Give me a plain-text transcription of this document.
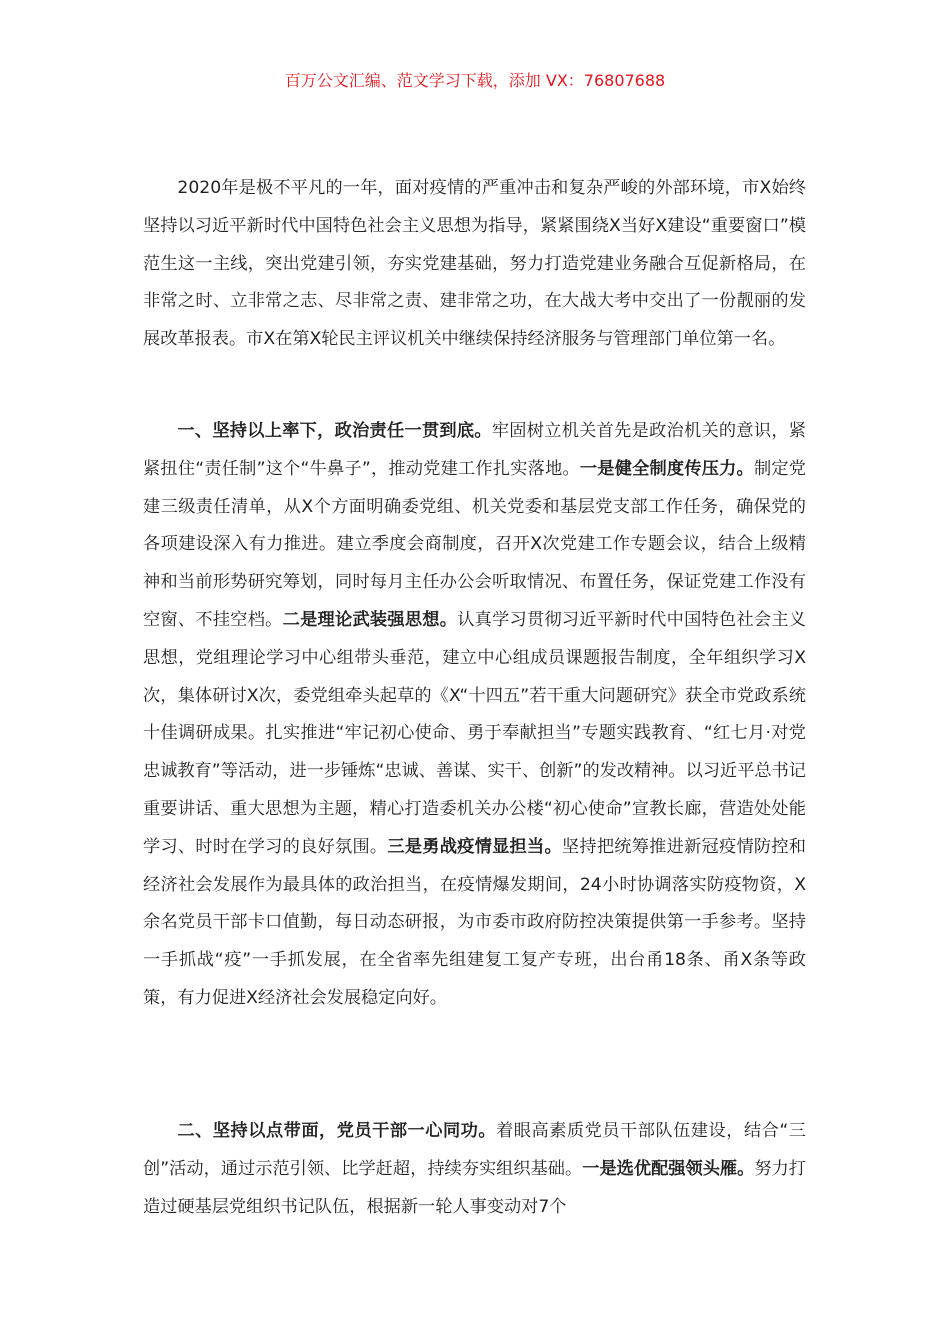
百万公文汇编、范文学习下载，添加 VX：76807688

2020年是极不平凡的一年，面对疫情的严重冲击和复杂严峻的外部环境，市X始终坚持以习近平新时代中国特色社会主义思想为指导，紧紧围绕X当好X建设“重要窗口”模范生这一主线，突出党建引领，夯实党建基础，努力打造党建业务融合互促新格局，在非常之时、立非常之志、尽非常之责、建非常之功，在大战大考中交出了一份靓丽的发展改革报表。市X在第X轮民主评议机关中继续保持经济服务与管理部门单位第一名。

一、坚持以上率下，政治责任一贯到底。牢固树立机关首先是政治机关的意识，紧紧扭住“责任制”这个“牛鼻子”，推动党建工作扎实落地。一是健全制度传压力。制定党建三级责任清单，从X个方面明确委党组、机关党委和基层党支部工作任务，确保党的各项建设深入有力推进。建立季度会商制度，召开X次党建工作专题会议，结合上级精神和当前形势研究筹划，同时每月主任办公会听取情况、布置任务，保证党建工作没有空窗、不挂空档。二是理论武装强思想。认真学习贯彻习近平新时代中国特色社会主义思想，党组理论学习中心组带头垂范，建立中心组成员课题报告制度，全年组织学习X次，集体研讨X次，委党组牵头起草的《X“十四五”若干重大问题研究》获全市党政系统十佳调研成果。扎实推进“牢记初心使命、勇于奉献担当”专题实践教育、“红七月·对党忠诚教育”等活动，进一步锤炼“忠诚、善谋、实干、创新”的发改精神。以习近平总书记重要讲话、重大思想为主题，精心打造委机关办公楼“初心使命”宣教长廊，营造处处能学习、时时在学习的良好氛围。三是勇战疫情显担当。坚持把统筹推进新冠疫情防控和经济社会发展作为最具体的政治担当，在疫情爆发期间，24小时协调落实防疫物资，X余名党员干部卡口值勤，每日动态研报，为市委市政府防控决策提供第一手参考。坚持一手抓战“疫”一手抓发展，在全省率先组建复工复产专班，出台甬18条、甬X条等政策，有力促进X经济社会发展稳定向好。

二、坚持以点带面，党员干部一心同功。着眼高素质党员干部队伍建设，结合“三创”活动，通过示范引领、比学赶超，持续夯实组织基础。一是选优配强领头雁。努力打造过硬基层党组织书记队伍，根据新一轮人事变动对7个
